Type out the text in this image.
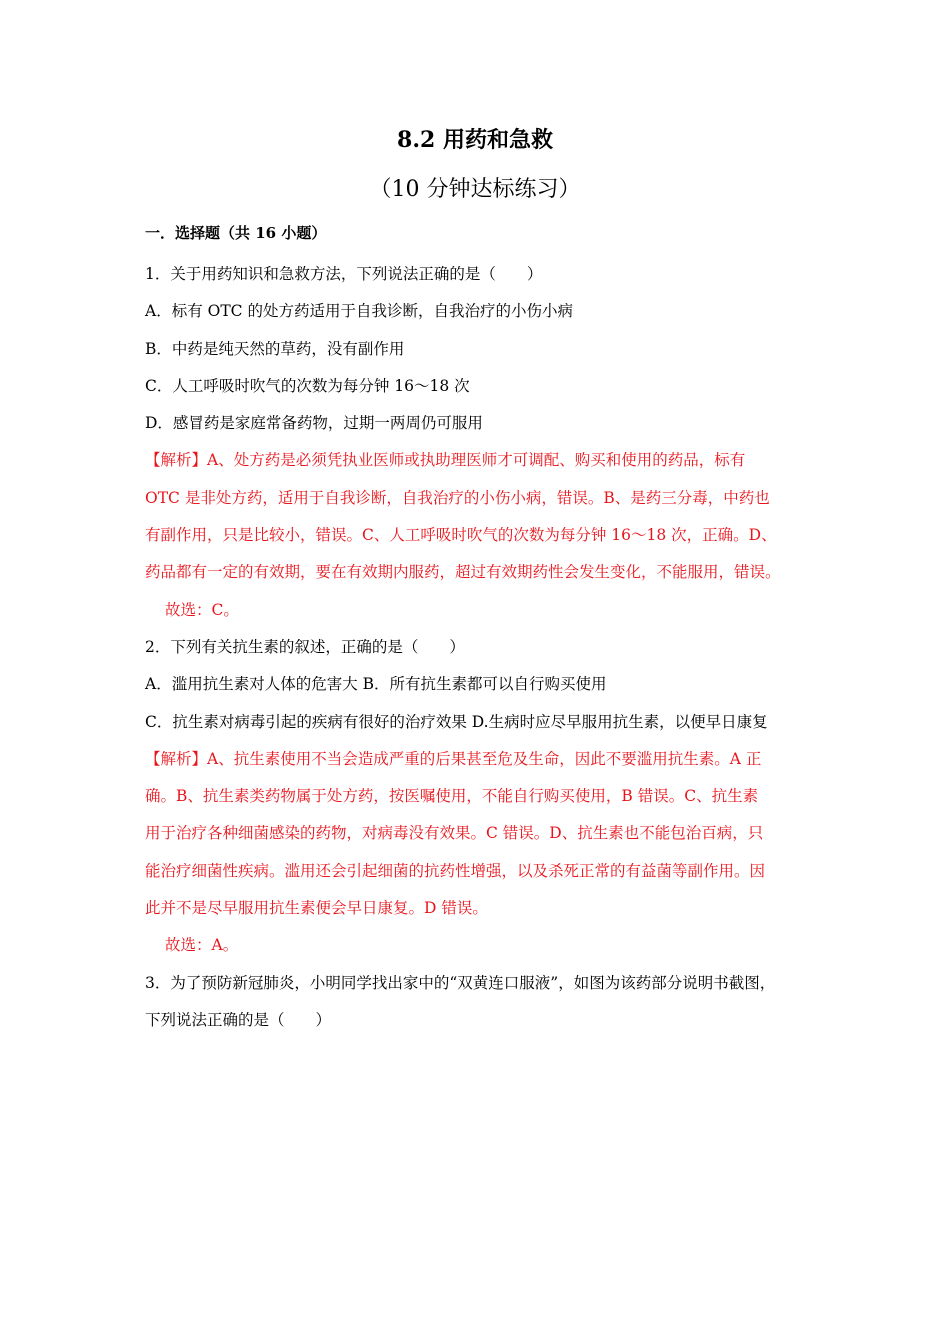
8.2 用药和急救
（10 分钟达标练习）
一．选择题（共 16 小题）
1．关于用药知识和急救方法，下列说法正确的是（　　）
A．标有 OTC 的处方药适用于自我诊断，自我治疗的小伤小病
B．中药是纯天然的草药，没有副作用
C．人工呼吸时吹气的次数为每分钟 16～18 次
D．感冒药是家庭常备药物，过期一两周仍可服用
【解析】A、处方药是必须凭执业医师或执助理医师才可调配、购买和使用的药品，标有
OTC 是非处方药，适用于自我诊断，自我治疗的小伤小病，错误。B、是药三分毒，中药也
有副作用，只是比较小，错误。C、人工呼吸时吹气的次数为每分钟 16～18 次，正确。D、
药品都有一定的有效期，要在有效期内服药，超过有效期药性会发生变化，不能服用，错误。
故选：C。
2．下列有关抗生素的叙述，正确的是（　　）
A．滥用抗生素对人体的危害大 B．所有抗生素都可以自行购买使用
C．抗生素对病毒引起的疾病有很好的治疗效果 D.生病时应尽早服用抗生素，以便早日康复
【解析】A、抗生素使用不当会造成严重的后果甚至危及生命，因此不要滥用抗生素。A 正
确。B、抗生素类药物属于处方药，按医嘱使用，不能自行购买使用，B 错误。C、抗生素
用于治疗各种细菌感染的药物，对病毒没有效果。C 错误。D、抗生素也不能包治百病，只
能治疗细菌性疾病。滥用还会引起细菌的抗药性增强，以及杀死正常的有益菌等副作用。因
此并不是尽早服用抗生素便会早日康复。D 错误。
故选：A。
3．为了预防新冠肺炎，小明同学找出家中的“双黄连口服液”，如图为该药部分说明书截图，
下列说法正确的是（　　）
